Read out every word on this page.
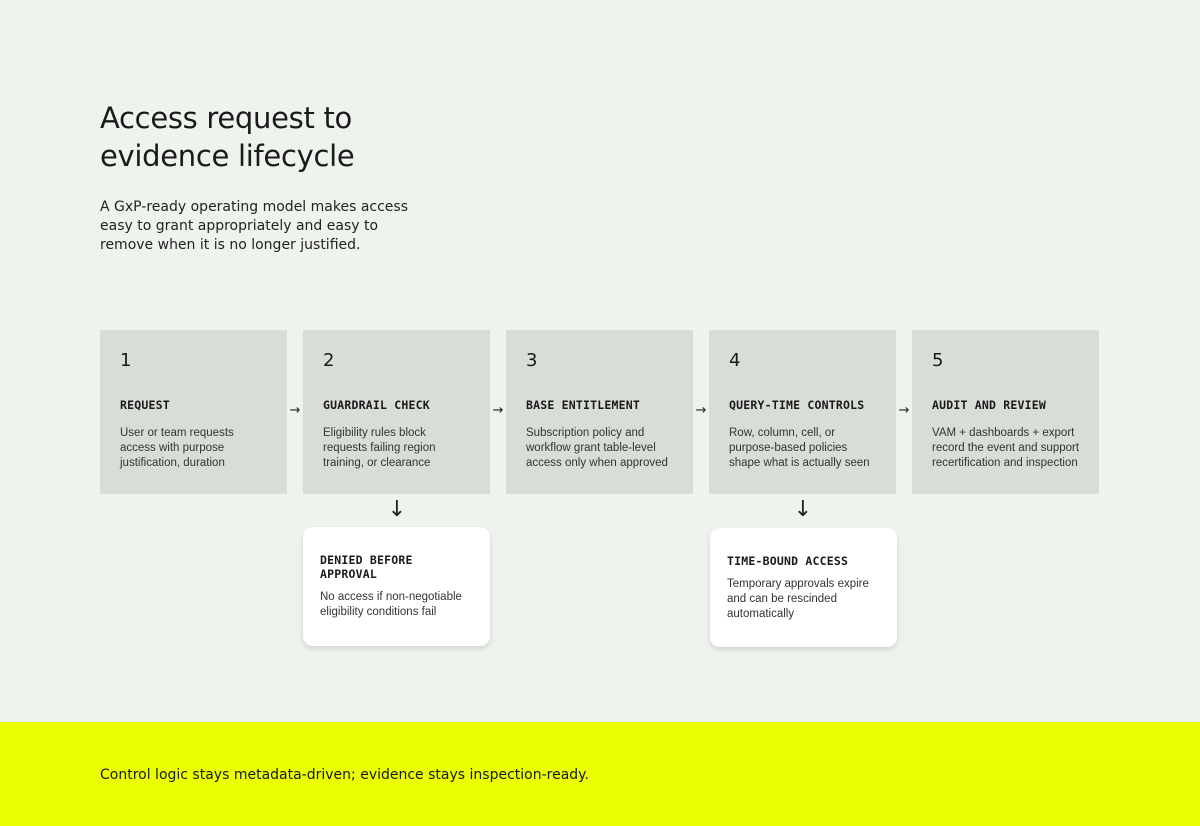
Access request to evidence lifecycle
A GxP-ready operating model makes access easy to grant appropriately and easy to remove when it is no longer justified.
1
REQUEST
User or team requests access with purpose justification, duration
→
2
GUARDRAIL CHECK
Eligibility rules block requests failing region training, or clearance
→
3
BASE ENTITLEMENT
Subscription policy and workflow grant table-level access only when approved
→
4
QUERY-TIME CONTROLS
Row, column, cell, or purpose-based policies shape what is actually seen
→
5
AUDIT AND REVIEW
VAM + dashboards + export record the event and support recertification and inspection
↓	↓
DENIED BEFORE APPROVAL
No access if non-negotiable eligibility conditions fail
TIME-BOUND ACCESS
Temporary approvals expire and can be rescinded automatically
Control logic stays metadata-driven; evidence stays inspection-ready.
